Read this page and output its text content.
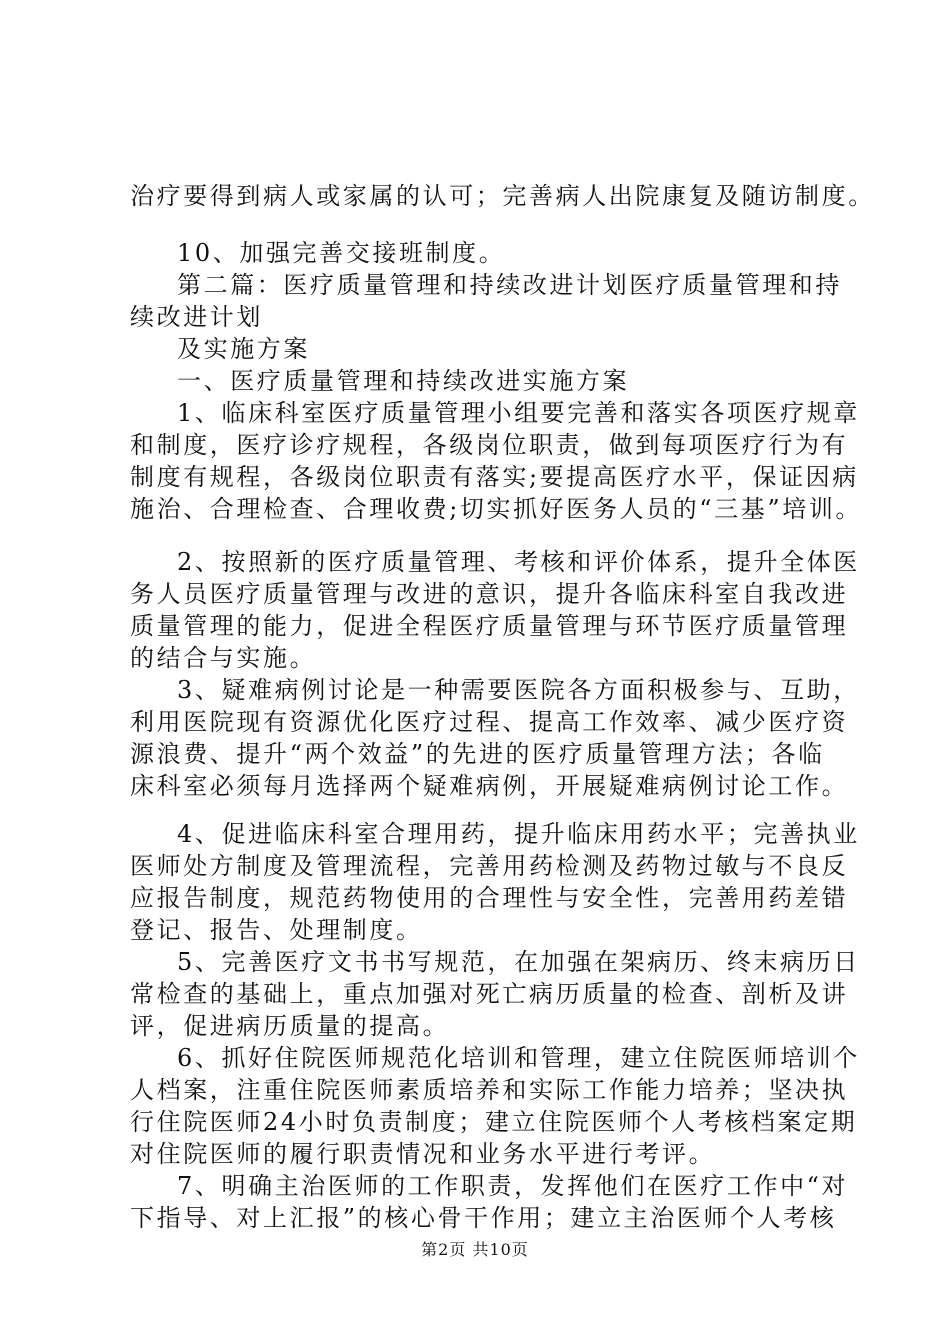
治疗要得到病人或家属的认可；完善病人出院康复及随访制度。
10、加强完善交接班制度。
第二篇：医疗质量管理和持续改进计划医疗质量管理和持
续改进计划
及实施方案
一、医疗质量管理和持续改进实施方案
1、临床科室医疗质量管理小组要完善和落实各项医疗规章
和制度，医疗诊疗规程，各级岗位职责，做到每项医疗行为有
制度有规程，各级岗位职责有落实;要提高医疗水平，保证因病
施治、合理检查、合理收费;切实抓好医务人员的“三基”培训。
2、按照新的医疗质量管理、考核和评价体系，提升全体医
务人员医疗质量管理与改进的意识，提升各临床科室自我改进
质量管理的能力，促进全程医疗质量管理与环节医疗质量管理
的结合与实施。
3、疑难病例讨论是一种需要医院各方面积极参与、互助，
利用医院现有资源优化医疗过程、提高工作效率、减少医疗资
源浪费、提升“两个效益”的先进的医疗质量管理方法；各临
床科室必须每月选择两个疑难病例，开展疑难病例讨论工作。
4、促进临床科室合理用药，提升临床用药水平；完善执业
医师处方制度及管理流程，完善用药检测及药物过敏与不良反
应报告制度，规范药物使用的合理性与安全性，完善用药差错
登记、报告、处理制度。
5、完善医疗文书书写规范，在加强在架病历、终末病历日
常检查的基础上，重点加强对死亡病历质量的检查、剖析及讲
评，促进病历质量的提高。
6、抓好住院医师规范化培训和管理，建立住院医师培训个
人档案，注重住院医师素质培养和实际工作能力培养；坚决执
行住院医师24小时负责制度；建立住院医师个人考核档案定期
对住院医师的履行职责情况和业务水平进行考评。
7、明确主治医师的工作职责，发挥他们在医疗工作中“对
下指导、对上汇报”的核心骨干作用；建立主治医师个人考核
第2页 共10页
